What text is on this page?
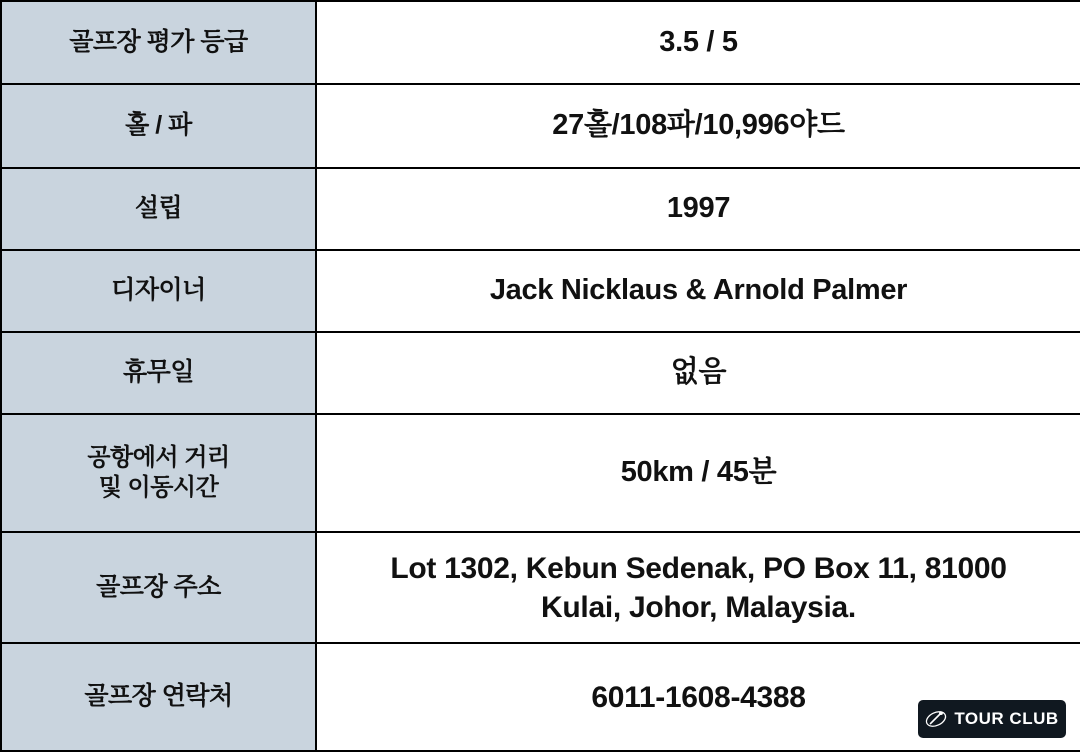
골프장 평가 등급	3.5 / 5
홀 / 파	27홀/108파/10,996야드
설립	1997
디자이너	Jack Nicklaus & Arnold Palmer
휴무일	없음

공항에서 거리
및 이동시간	50km / 45분
골프장 주소	Lot 1302, Kebun Sedenak, PO Box 11, 81000
Kulai, Johor, Malaysia.

골프장 연락처	6011-1608-4388
TOUR CLUB
